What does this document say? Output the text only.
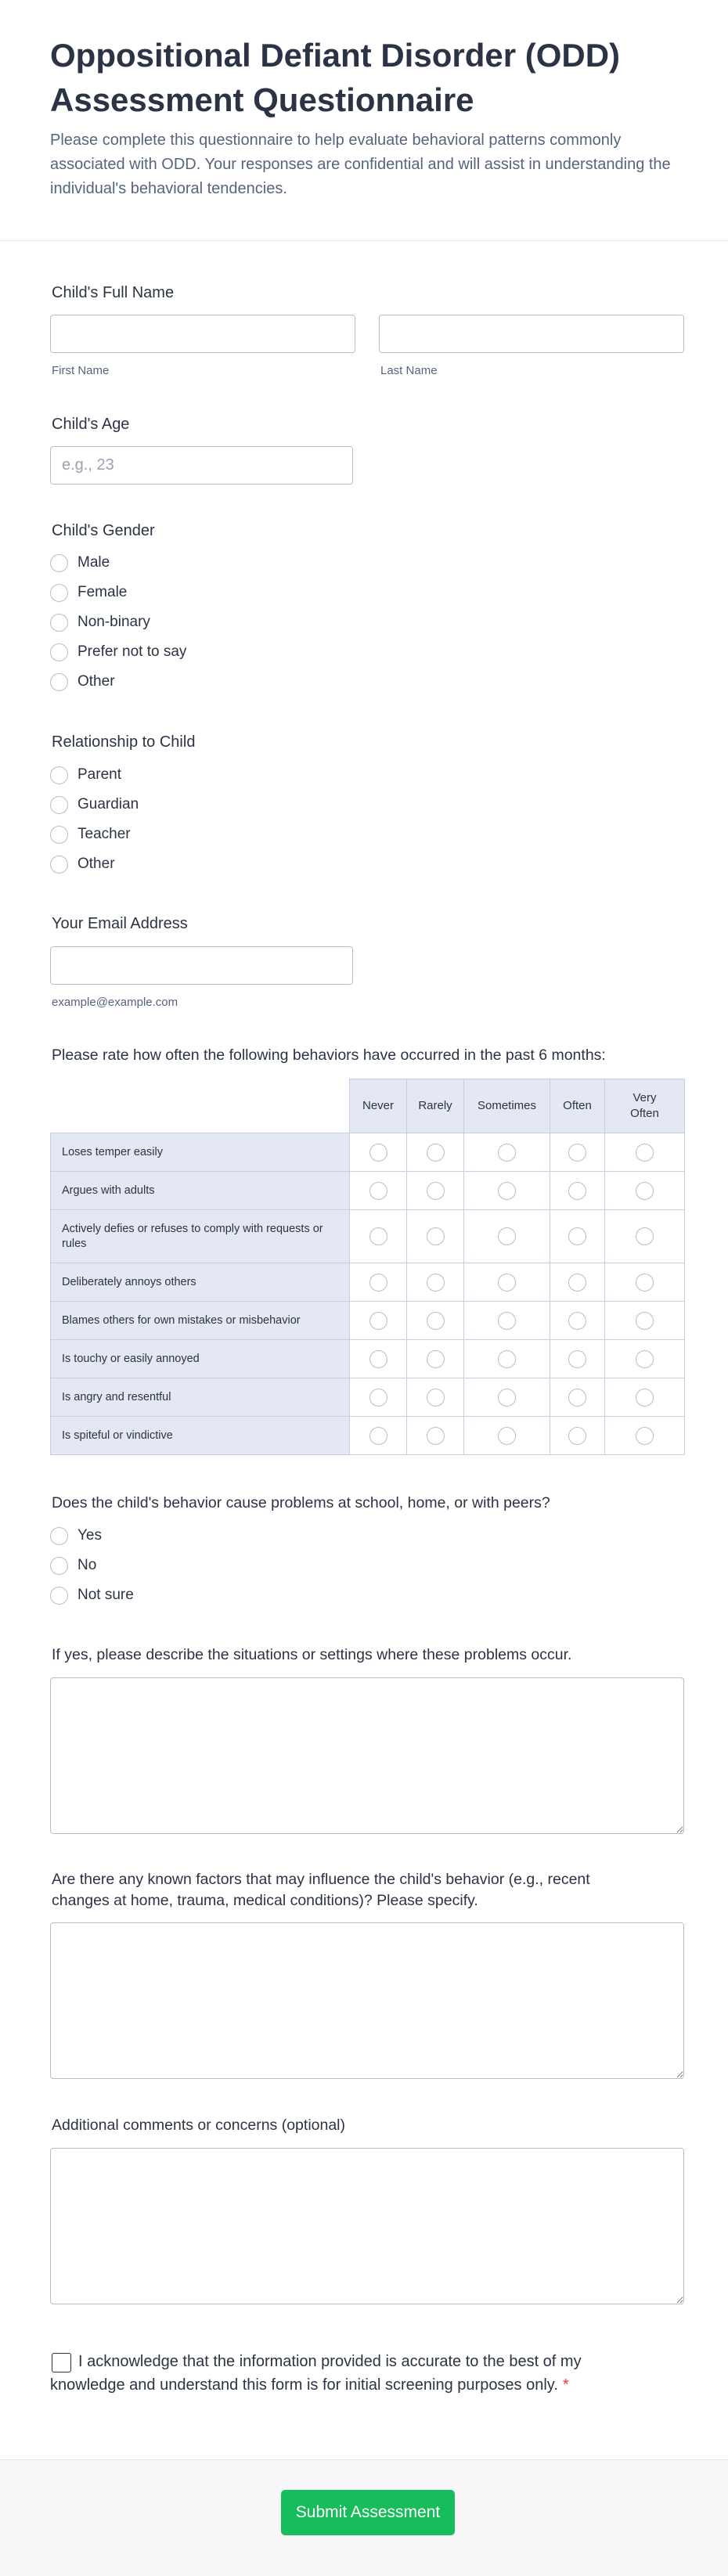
Oppositional Defiant Disorder (ODD) Assessment Questionnaire

Please complete this questionnaire to help evaluate behavioral patterns commonly associated with ODD. Your responses are confidential and will assist in understanding the individual's behavioral tendencies.

Child's Full Name
First Name	Last Name
Child's Age
e.g., 23
Child's Gender
Male
Female
Non-binary
Prefer not to say
Other
Relationship to Child
Parent
Guardian
Teacher
Other
Your Email Address
example@example.com
Please rate how often the following behaviors have occurred in the past 6 months:
	Never	Rarely	Sometimes	Often	Very Often
Loses temper easily					
Argues with adults					
Actively defies or refuses to comply with requests or rules					
Deliberately annoys others					
Blames others for own mistakes or misbehavior					
Is touchy or easily annoyed					
Is angry and resentful					
Is spiteful or vindictive					
Does the child's behavior cause problems at school, home, or with peers?
Yes
No
Not sure
If yes, please describe the situations or settings where these problems occur.
Are there any known factors that may influence the child's behavior (e.g., recent changes at home, trauma, medical conditions)? Please specify.
Additional comments or concerns (optional)

I acknowledge that the information provided is accurate to the best of my knowledge and understand this form is for initial screening purposes only. *

Submit Assessment
